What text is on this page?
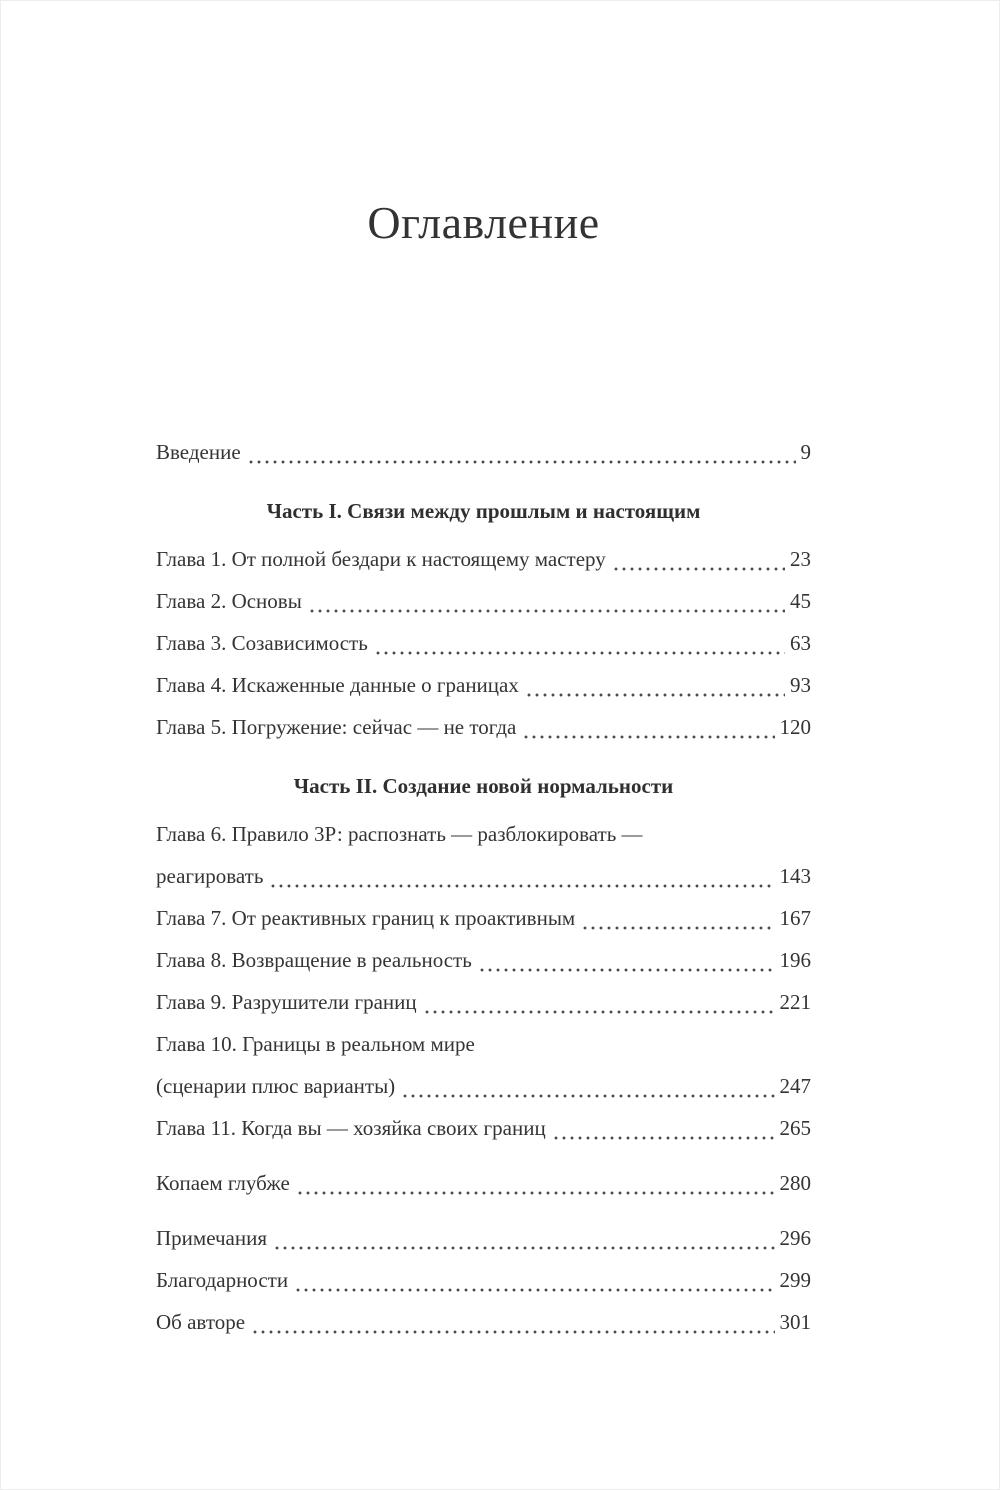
Оглавление
Введение	9
Часть I. Связи между прошлым и настоящим
Глава 1. От полной бездари к настоящему мастеру	23
Глава 2. Основы	45
Глава 3. Созависимость	63
Глава 4. Искаженные данные о границах	93
Глава 5. Погружение: сейчас — не тогда	120
Часть II. Создание новой нормальности
Глава 6. Правило 3Р: распознать — разблокировать —
реагировать	143
Глава 7. От реактивных границ к проактивным	167
Глава 8. Возвращение в реальность	196
Глава 9. Разрушители границ	221
Глава 10. Границы в реальном мире
(сценарии плюс варианты)	247
Глава 11. Когда вы — хозяйка своих границ	265
Копаем глубже	280
Примечания	296
Благодарности	299
Об авторе	301
